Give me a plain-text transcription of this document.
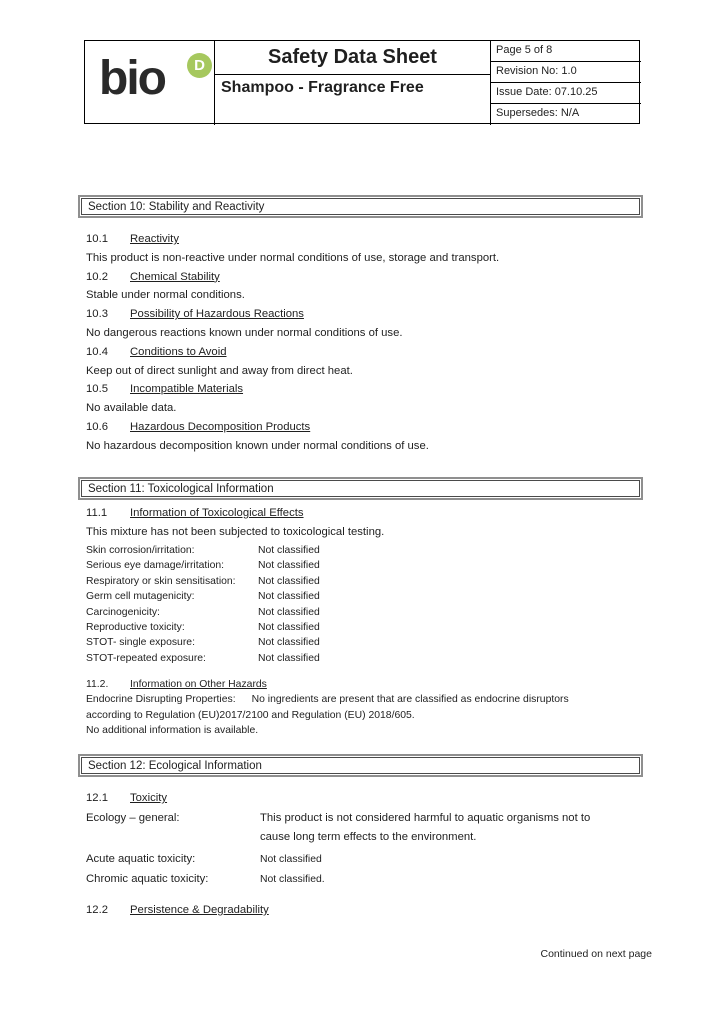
bio	D	Safety Data Sheet
Shampoo - Fragrance Free
Page 5 of 8
Revision No: 1.0
Issue Date: 07.10.25
Supersedes: N/A
Section 10: Stability and Reactivity
10.1 Reactivity
This product is non-reactive under normal conditions of use, storage and transport.
10.2 Chemical Stability
Stable under normal conditions.
10.3 Possibility of Hazardous Reactions
No dangerous reactions known under normal conditions of use.
10.4 Conditions to Avoid
Keep out of direct sunlight and away from direct heat.
10.5 Incompatible Materials
No available data.
10.6 Hazardous Decomposition Products
No hazardous decomposition known under normal conditions of use.
Section 11: Toxicological Information
11.1 Information of Toxicological Effects
This mixture has not been subjected to toxicological testing.
Skin corrosion/irritation:	Not classified
Serious eye damage/irritation:	Not classified
Respiratory or skin sensitisation: Not classified
Germ cell mutagenicity:	Not classified
Carcinogenicity:	Not classified
Reproductive toxicity:	Not classified
STOT- single exposure:	Not classified
STOT-repeated exposure:	Not classified
11.2. Information on Other Hazards
Endocrine Disrupting Properties: No ingredients are present that are classified as endocrine disruptors
according to Regulation (EU)2017/2100 and Regulation (EU) 2018/605.
No additional information is available.
Section 12: Ecological Information
12.1 Toxicity
Ecology – general:	This product is not considered harmful to aquatic organisms not to
cause long term effects to the environment.
Acute aquatic toxicity:	Not classified
Chromic aquatic toxicity:	Not classified.
12.2 Persistence & Degradability
Continued on next page
